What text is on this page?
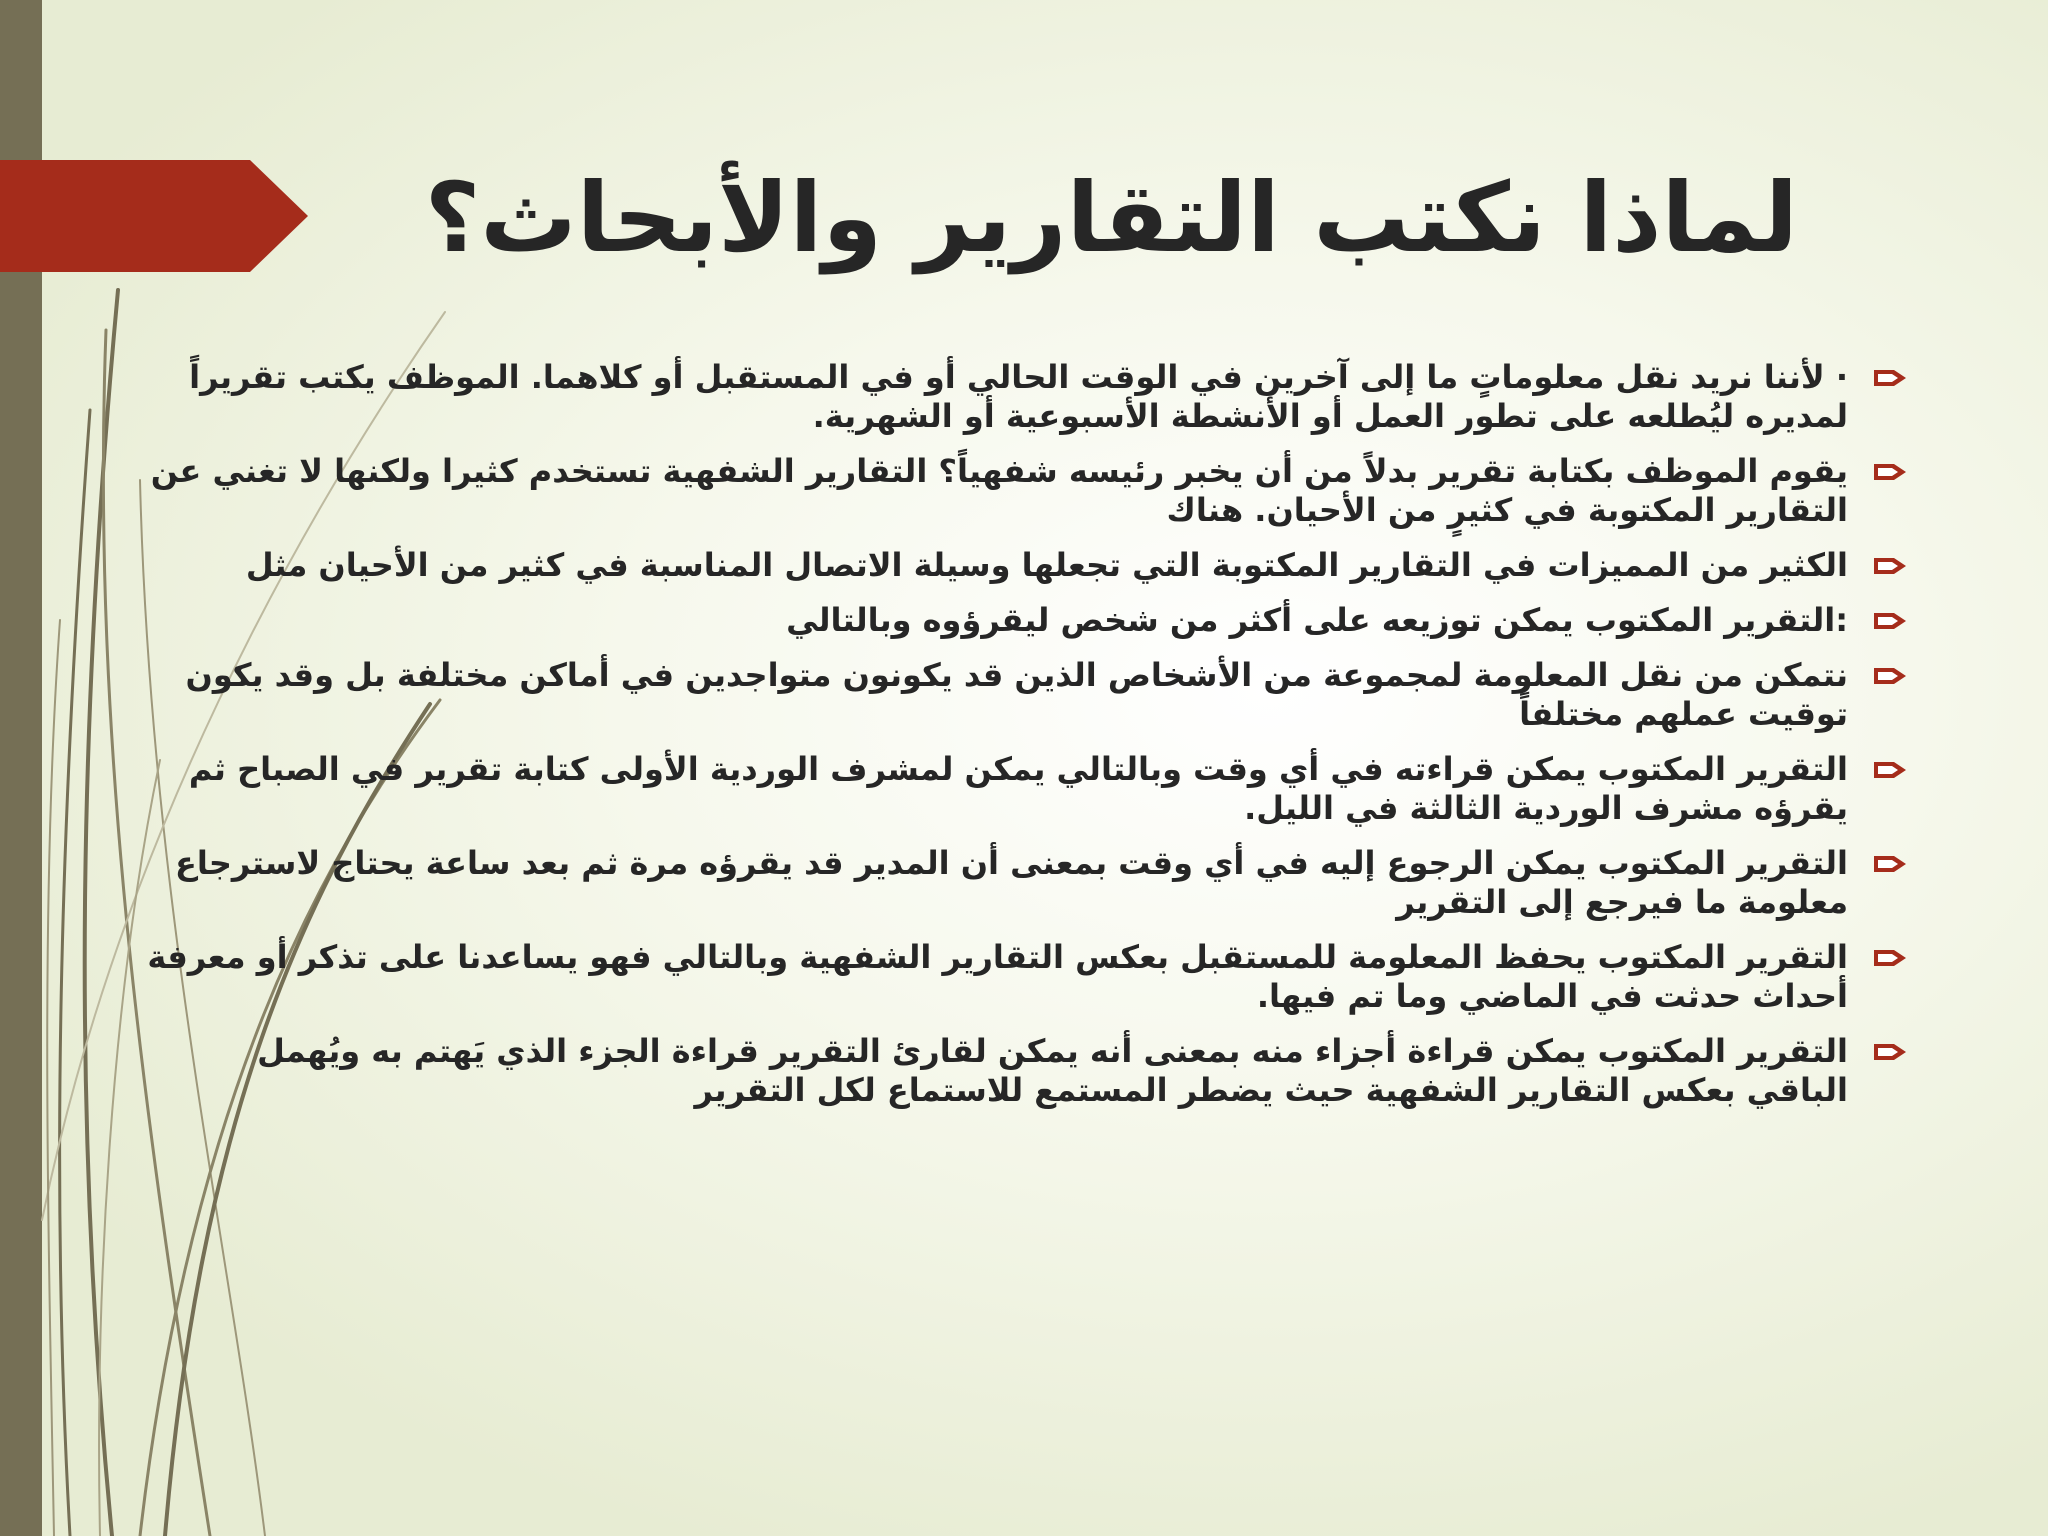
لماذا نكتب التقارير والأبحاث؟
· لأننا نريد نقل معلوماتٍ ما إلى آخرين في الوقت الحالي أو في المستقبل أو كلاهما. الموظف يكتب تقريراً لمديره ليُطلعه على تطور العمل أو الأنشطة الأسبوعية أو الشهرية.
يقوم الموظف بكتابة تقرير بدلاً من أن يخبر رئيسه شفهياً؟ التقارير الشفهية تستخدم كثيرا ولكنها لا تغني عن التقارير المكتوبة في كثيرٍ من الأحيان. هناك
الكثير من المميزات في التقارير المكتوبة التي تجعلها وسيلة الاتصال المناسبة في كثير من الأحيان مثل
:التقرير المكتوب يمكن توزيعه على أكثر من شخص ليقرؤوه وبالتالي
نتمكن من نقل المعلومة لمجموعة من الأشخاص الذين قد يكونون متواجدين في أماكن مختلفة بل وقد يكون توقيت عملهم مختلفاً
التقرير المكتوب يمكن قراءته في أي وقت وبالتالي يمكن لمشرف الوردية الأولى كتابة تقرير في الصباح ثم يقرؤه مشرف الوردية الثالثة في الليل.
التقرير المكتوب يمكن الرجوع إليه في أي وقت بمعنى أن المدير قد يقرؤه مرة ثم بعد ساعة يحتاج لاسترجاع معلومة ما فيرجع إلى التقرير
التقرير المكتوب يحفظ المعلومة للمستقبل بعكس التقارير الشفهية وبالتالي فهو يساعدنا على تذكر أو معرفة أحداث حدثت في الماضي وما تم فيها.
التقرير المكتوب يمكن قراءة أجزاء منه بمعنى أنه يمكن لقارئ التقرير قراءة الجزء الذي يَهتم به ويُهمل الباقي بعكس التقارير الشفهية حيث يضطر المستمع للاستماع لكل التقرير
